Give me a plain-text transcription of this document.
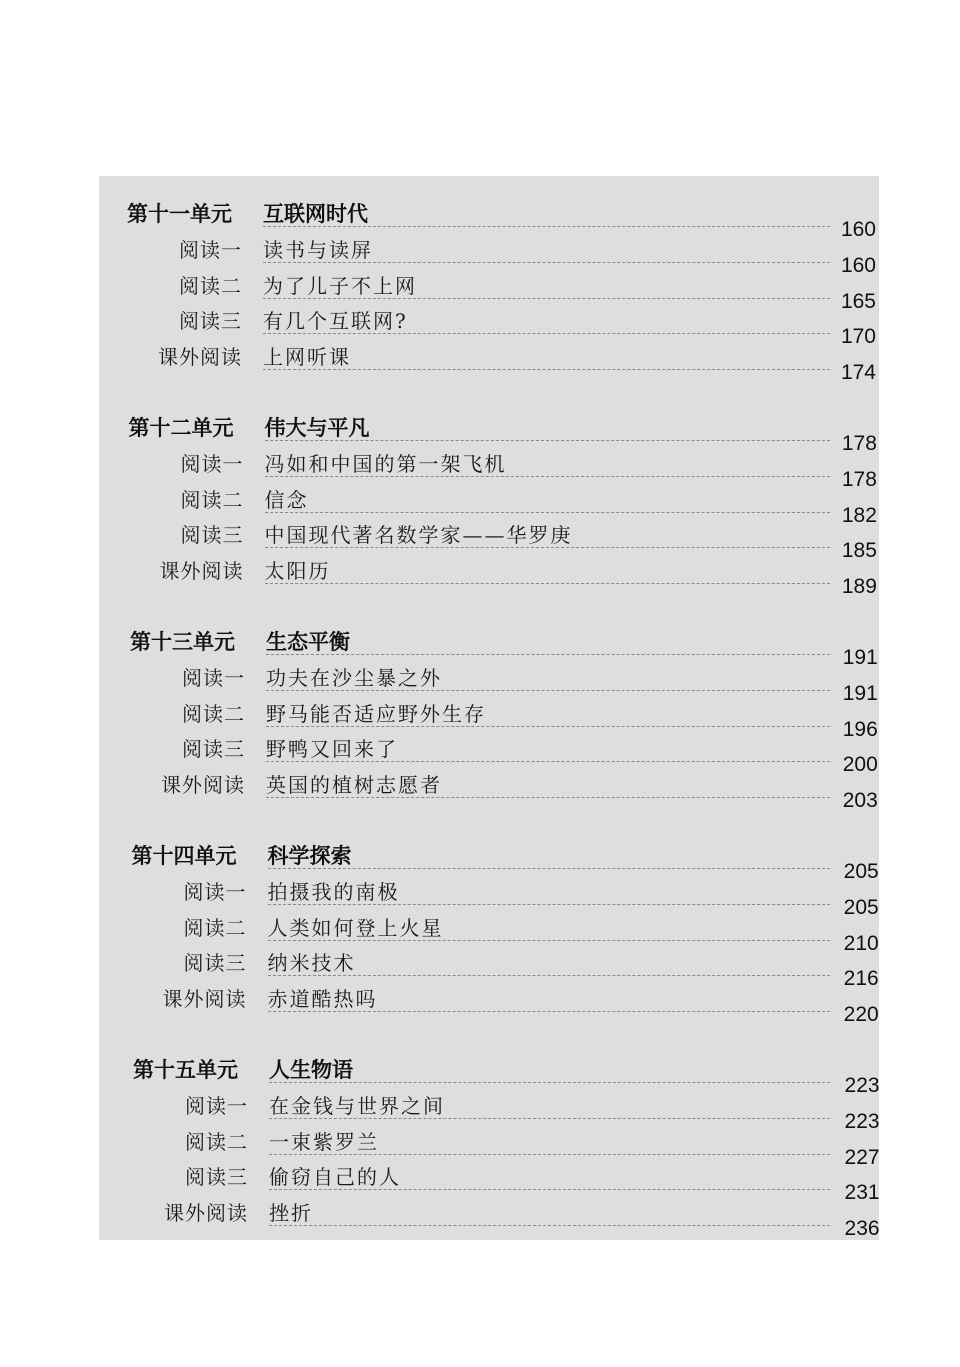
第十一单元 互联网时代
160
阅读一 读书与读屏
160
阅读二 为了儿子不上网
165
阅读三 有几个互联网?
170
课外阅读 上网听课
174
第十二单元 伟大与平凡
178
阅读一 冯如和中国的第一架飞机
178
阅读二 信念
182
阅读三 中国现代著名数学家——华罗庚
185
课外阅读 太阳历
189
第十三单元 生态平衡
191
阅读一 功夫在沙尘暴之外
191
阅读二 野马能否适应野外生存
196
阅读三 野鸭又回来了
200
课外阅读 英国的植树志愿者
203
第十四单元 科学探索
205
阅读一 拍摄我的南极
205
阅读二 人类如何登上火星
210
阅读三 纳米技术
216
课外阅读 赤道酷热吗
220
第十五单元 人生物语
223
阅读一 在金钱与世界之间
223
阅读二 一束紫罗兰
227
阅读三 偷窃自己的人
231
课外阅读 挫折
236
